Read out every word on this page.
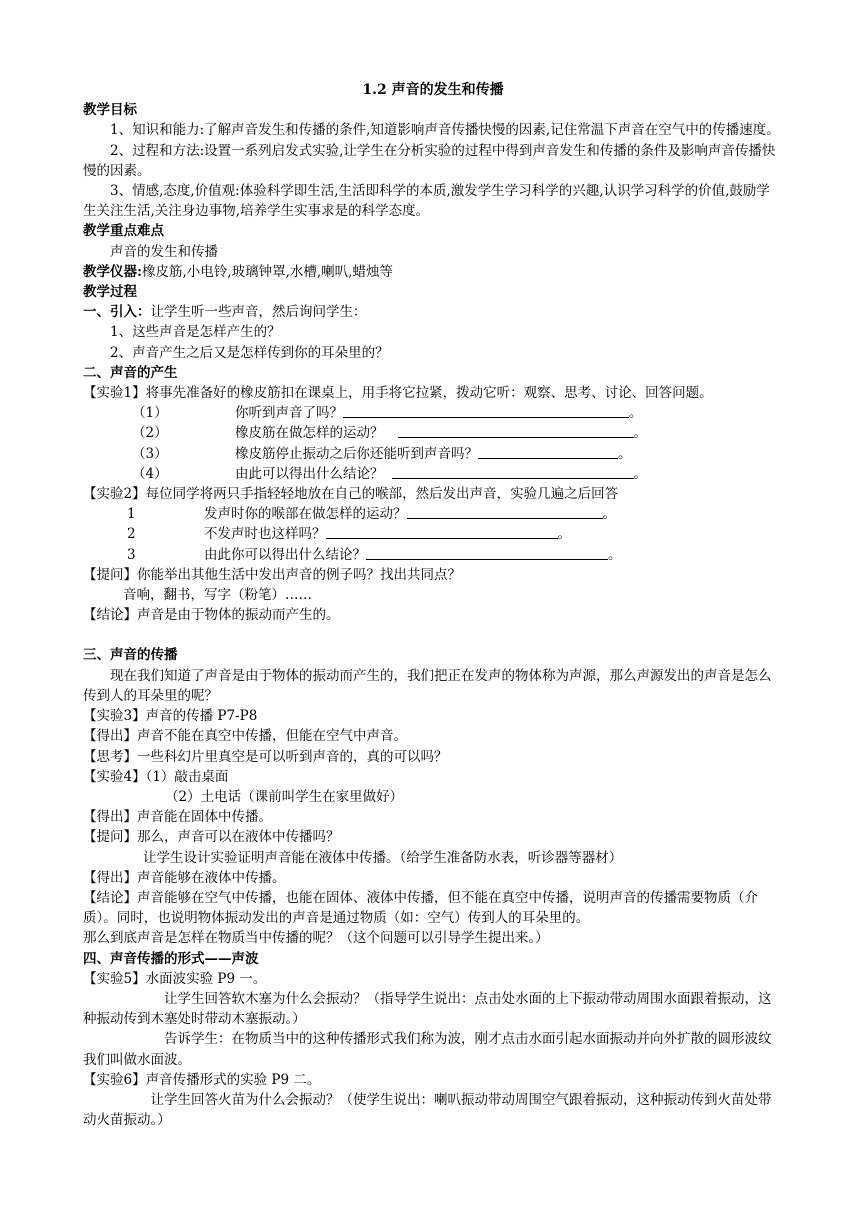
1.2 声音的发生和传播
教学目标

1、知识和能力:了解声音发生和传播的条件,知道影响声音传播快慢的因素,记住常温下声音在空气中的传播速度。

2、过程和方法:设置一系列启发式实验,让学生在分析实验的过程中得到声音发生和传播的条件及影响声音传播快慢的因素。

3、情感,态度,价值观:体验科学即生活,生活即科学的本质,激发学生学习科学的兴趣,认识学习科学的价值,鼓励学生关注生活,关注身边事物,培养学生实事求是的科学态度。

教学重点难点

声音的发生和传播

教学仪器:橡皮筋,小电铃,玻璃钟罩,水槽,喇叭,蜡烛等

教学过程

一、引入：让学生听一些声音，然后询问学生：

1、这些声音是怎样产生的？

2、声音产生之后又是怎样传到你的耳朵里的？

二、声音的产生

【实验1】将事先准备好的橡皮筋扣在课桌上，用手将它拉紧，拨动它听：观察、思考、讨论、回答问题。

（1）	你听到声音了吗？	。
（2）	橡皮筋在做怎样的运动？	。
（3）	橡皮筋停止振动之后你还能听到声音吗？	。
（4）	由此可以得出什么结论？	。

【实验2】每位同学将两只手指轻轻地放在自己的喉部，然后发出声音，实验几遍之后回答

1	发声时你的喉部在做怎样的运动？	。
2	不发声时也这样吗？	。
3	由此你可以得出什么结论？	。

【提问】你能举出其他生活中发出声音的例子吗？找出共同点？

音响，翻书，写字（粉笔）……

【结论】声音是由于物体的振动而产生的。

三、声音的传播

现在我们知道了声音是由于物体的振动而产生的，我们把正在发声的物体称为声源，那么声源发出的声音是怎么传到人的耳朵里的呢？

【实验3】声音的传播 P7-P8

【得出】声音不能在真空中传播，但能在空气中声音。

【思考】一些科幻片里真空是可以听到声音的，真的可以吗？

【实验4】（1）敲击桌面

（2）土电话（课前叫学生在家里做好）

【得出】声音能在固体中传播。

【提问】那么，声音可以在液体中传播吗？

让学生设计实验证明声音能在液体中传播。（给学生准备防水表，听诊器等器材）

【得出】声音能够在液体中传播。

【结论】声音能够在空气中传播，也能在固体、液体中传播，但不能在真空中传播，说明声音的传播需要物质（介质）。同时，也说明物体振动发出的声音是通过物质（如：空气）传到人的耳朵里的。

那么到底声音是怎样在物质当中传播的呢？（这个问题可以引导学生提出来。）

四、声音传播的形式——声波

【实验5】水面波实验 P9 一。

让学生回答软木塞为什么会振动？（指导学生说出：点击处水面的上下振动带动周围水面跟着振动，这种振动传到木塞处时带动木塞振动。）

告诉学生：在物质当中的这种传播形式我们称为波，刚才点击水面引起水面振动并向外扩散的圆形波纹我们叫做水面波。

【实验6】声音传播形式的实验 P9 二。

让学生回答火苗为什么会振动？（使学生说出：喇叭振动带动周围空气跟着振动，这种振动传到火苗处带动火苗振动。）
